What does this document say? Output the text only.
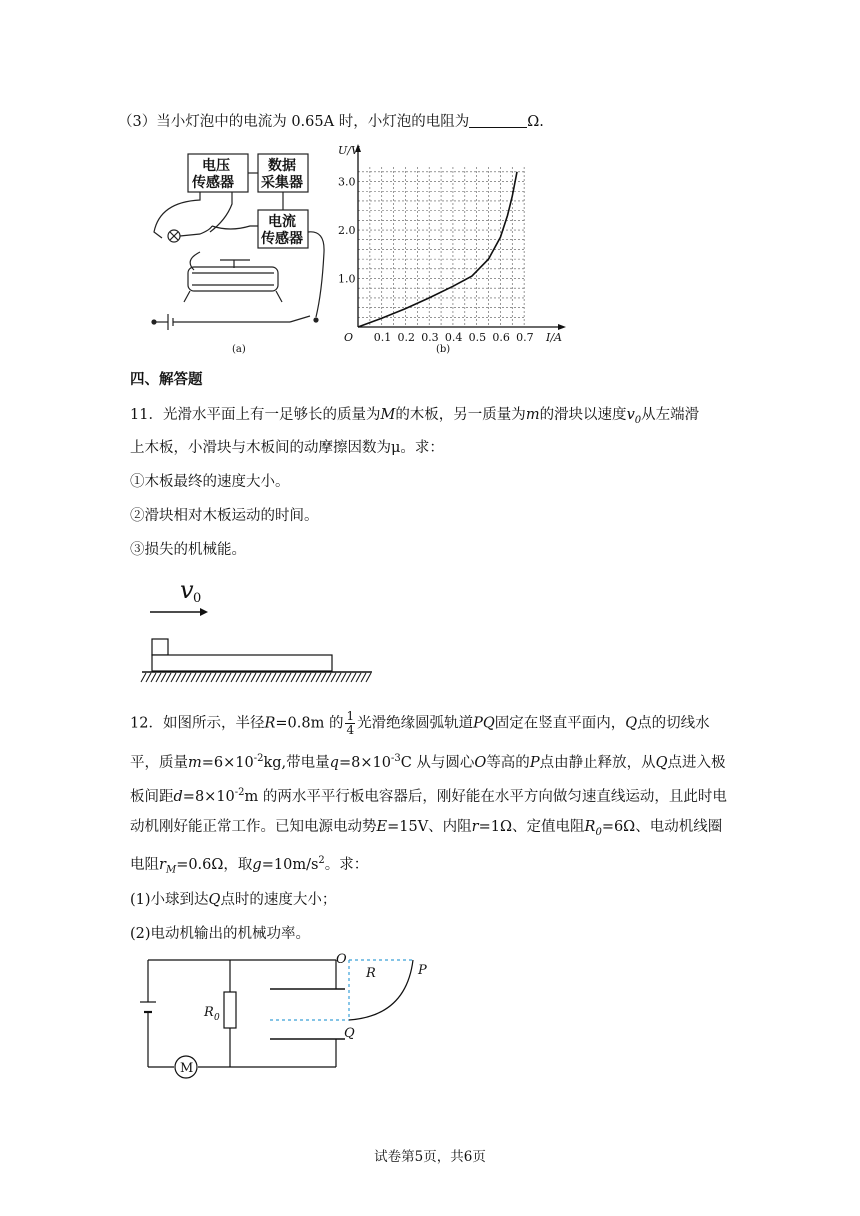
（3）当小灯泡中的电流为 0.65A 时，小灯泡的电阻为	Ω.
电压
传感器
数据
采集器
电流
传感器
(a)
0.1 0.2 0.3 0.4 0.5 0.6 0.7
1.0
2.0
3.0
O	I/A
U/V
(b)
四、解答题
11．光滑水平面上有一足够长的质量为M的木板，另一质量为m的滑块以速度$v_0$从左端滑
上木板，小滑块与木板间的动摩擦因数为μ。求：
①木板最终的速度大小。
②滑块相对木板运动的时间。
③损失的机械能。
v 0
12．如图所示，半径R=0.8m 的 $\frac{1}{4}$ 光滑绝缘圆弧轨道PQ固定在竖直平面内，Q点的切线水
平，质量$m=6\times 10^{-2}kg$,带电量$q=8\times 10^{-3}C$ 从与圆心O等高的P点由静止释放，从Q点进入极
板间距$d=8\times 10^{-2}m$ 的两水平平行板电容器后，刚好能在水平方向做匀速直线运动，且此时电
动机刚好能正常工作。已知电源电动势E=15V、内阻r=1Ω、定值电阻$R_0=6\Omega$、电动机线圈
电阻$r_M=0.6\Omega$，取$g=10m/s^2$。求：
(1)小球到达Q点时的速度大小；
(2)电动机输出的机械功率。
O
R	P
Q
R 0
M
试卷第5页，共6页
